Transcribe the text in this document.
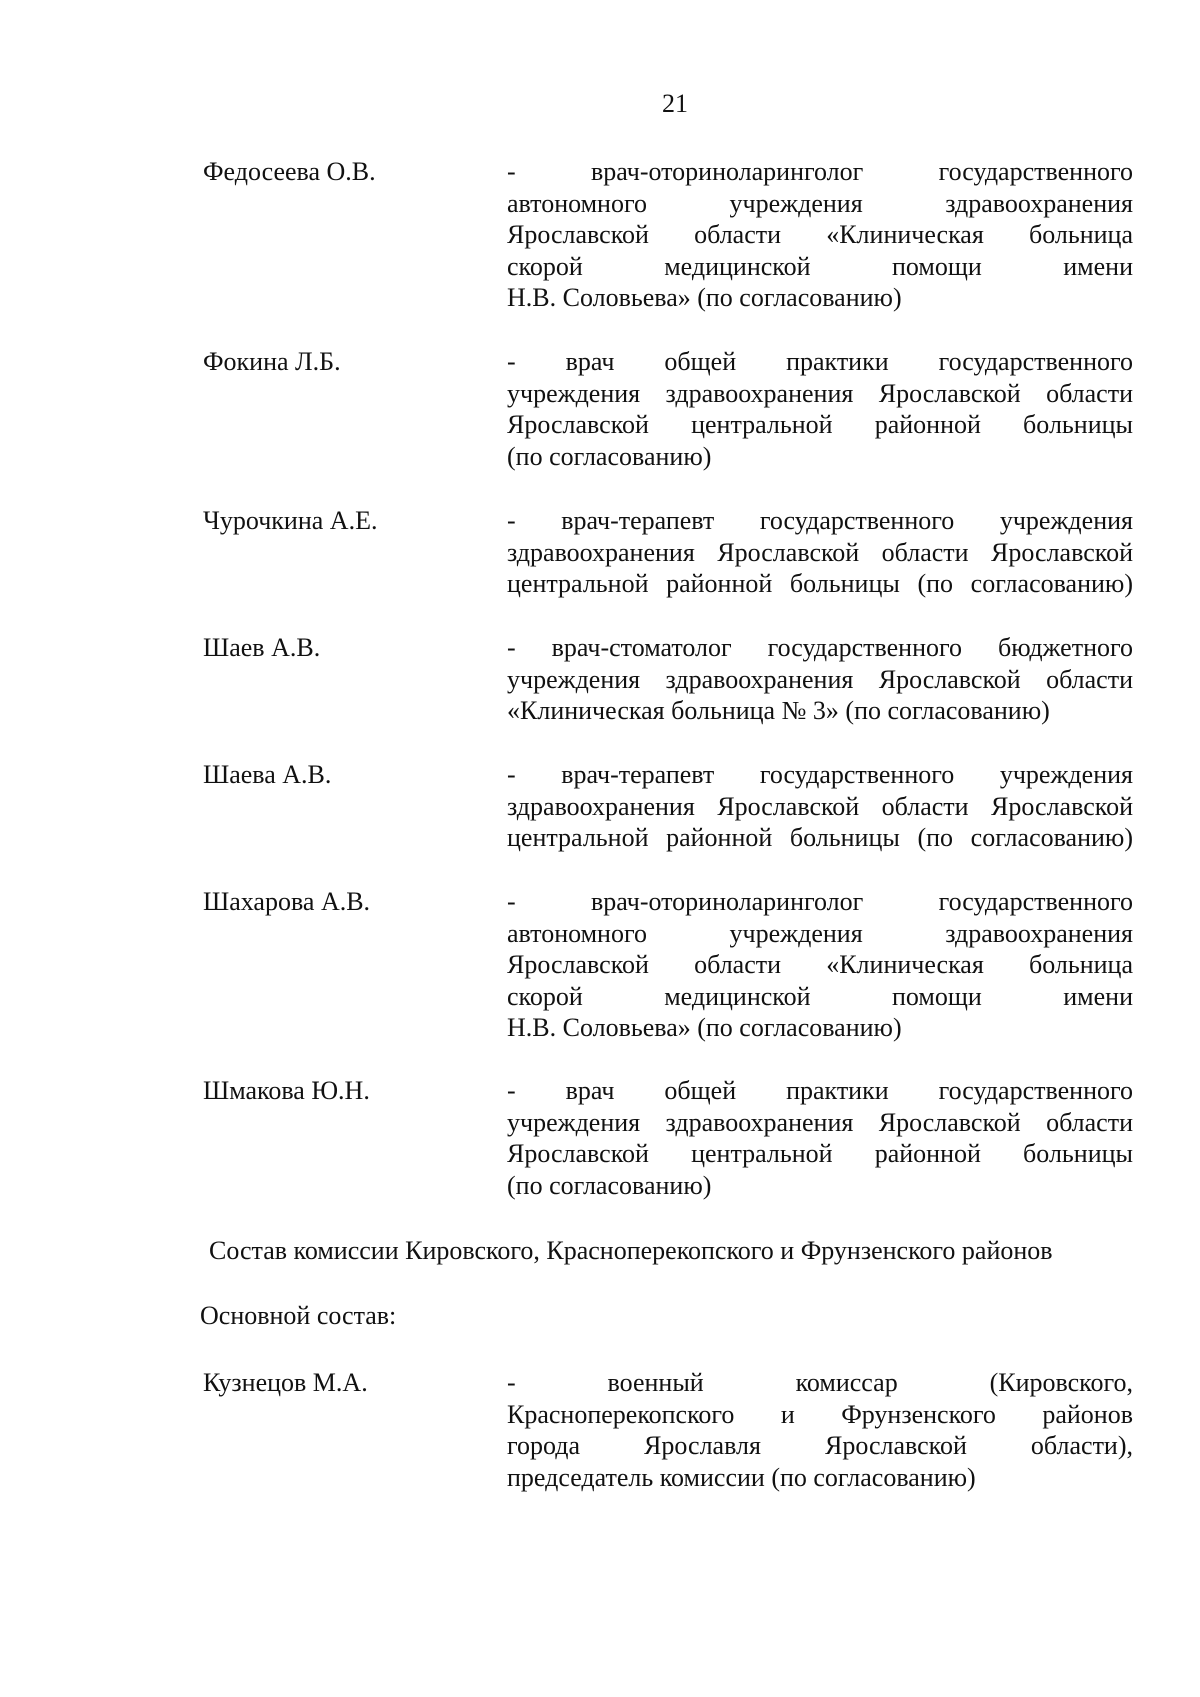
21
Федосеева О.В.	- врач-оториноларинголог государственного
автономного учреждения здравоохранения
Ярославской области «Клиническая больница
скорой медицинской помощи имени
Н.В. Соловьева» (по согласованию)
Фокина Л.Б.	- врач общей практики государственного
учреждения здравоохранения Ярославской области
Ярославской центральной районной больницы
(по согласованию)
Чурочкина А.Е.	- врач-терапевт государственного учреждения
здравоохранения Ярославской области Ярославской
центральной районной больницы (по согласованию)
Шаев А.В.	- врач-стоматолог государственного бюджетного
учреждения здравоохранения Ярославской области
«Клиническая больница № 3» (по согласованию)
Шаева А.В.	- врач-терапевт государственного учреждения
здравоохранения Ярославской области Ярославской
центральной районной больницы (по согласованию)
Шахарова А.В.	- врач-оториноларинголог государственного
автономного учреждения здравоохранения
Ярославской области «Клиническая больница
скорой медицинской помощи имени
Н.В. Соловьева» (по согласованию)
Шмакова Ю.Н.	- врач общей практики государственного
учреждения здравоохранения Ярославской области
Ярославской центральной районной больницы
(по согласованию)
Состав комиссии Кировского, Красноперекопского и Фрунзенского районов
Основной состав:
Кузнецов М.А.	- военный комиссар (Кировского,
Красноперекопского и Фрунзенского районов
города Ярославля Ярославской области),
председатель комиссии (по согласованию)
